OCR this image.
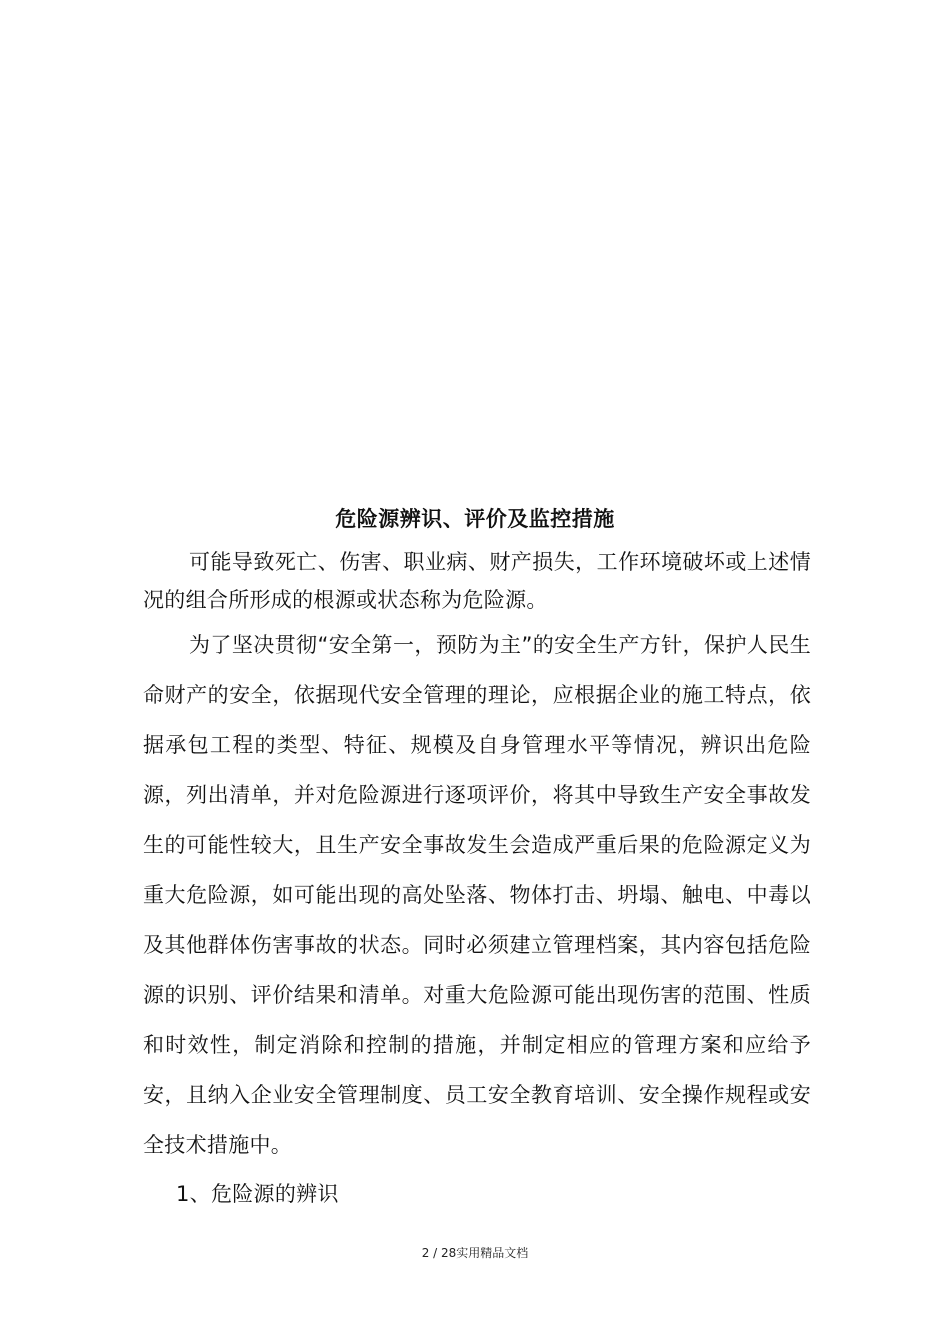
危险源辨识、评价及监控措施

可能导致死亡、伤害、职业病、财产损失，工作环境破坏或上述情况的组合所形成的根源或状态称为危险源。

为了坚决贯彻“安全第一，预防为主”的安全生产方针，保护人民生命财产的安全，依据现代安全管理的理论，应根据企业的施工特点，依据承包工程的类型、特征、规模及自身管理水平等情况，辨识出危险源，列出清单，并对危险源进行逐项评价，将其中导致生产安全事故发生的可能性较大，且生产安全事故发生会造成严重后果的危险源定义为重大危险源，如可能出现的高处坠落、物体打击、坍塌、触电、中毒以及其他群体伤害事故的状态。同时必须建立管理档案，其内容包括危险源的识别、评价结果和清单。对重大危险源可能出现伤害的范围、性质和时效性，制定消除和控制的措施，并制定相应的管理方案和应给予安，且纳入企业安全管理制度、员工安全教育培训、安全操作规程或安全技术措施中。

1、危险源的辨识
2 / 28实用精品文档
